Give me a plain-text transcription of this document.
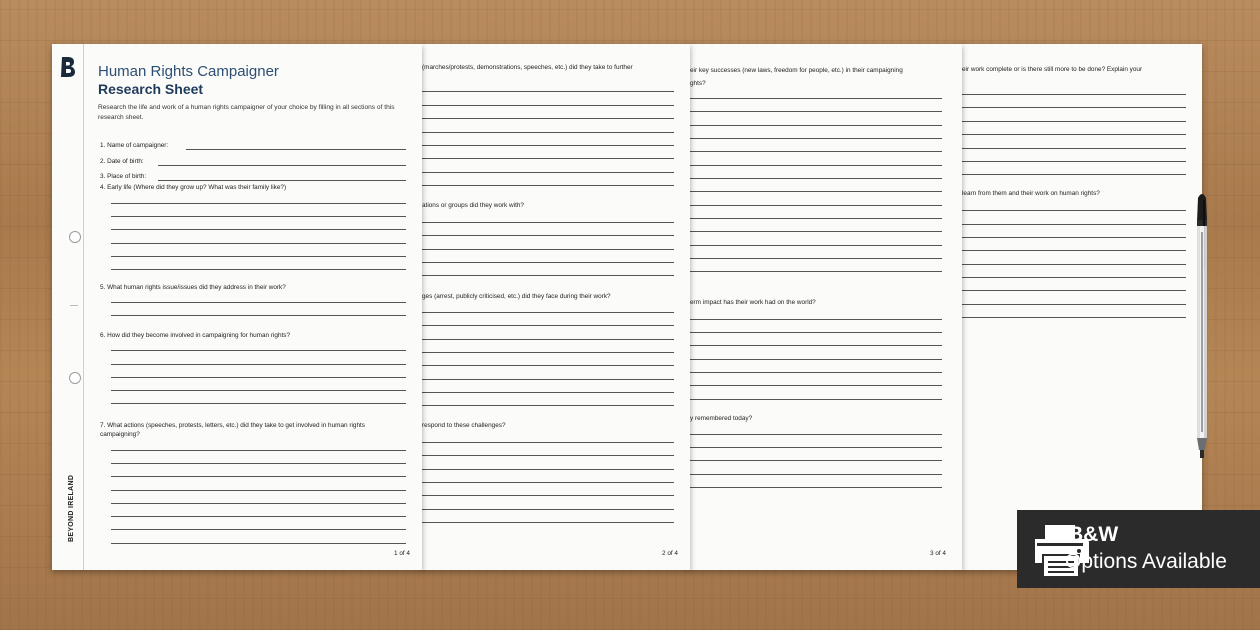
eir work complete or is there still more to be done? Explain your
learn from them and their work on human rights?
eir key successes (new laws, freedom for people, etc.) in their campaigning
ghts?
erm impact has their work had on the world?
y remembered today?
3 of 4
(marches/protests, demonstrations, speeches, etc.) did they take to further
ations or groups did they work with?
ges (arrest, publicly criticised, etc.) did they face during their work?
respond to these challenges?
2 of 4
BEYOND IRELAND
Human Rights Campaigner
Research Sheet
Research the life and work of a human rights campaigner of your choice by filling in all sections of this research sheet.
1. Name of campaigner:
2. Date of birth:
3. Place of birth:
4. Early life (Where did they grow up? What was their family like?)
5. What human rights issue/issues did they address in their work?
6. How did they become involved in campaigning for human rights?
7. What actions (speeches, protests, letters, etc.) did they take to get involved in human rights campaigning?
1 of 4
B&W
Options Available
